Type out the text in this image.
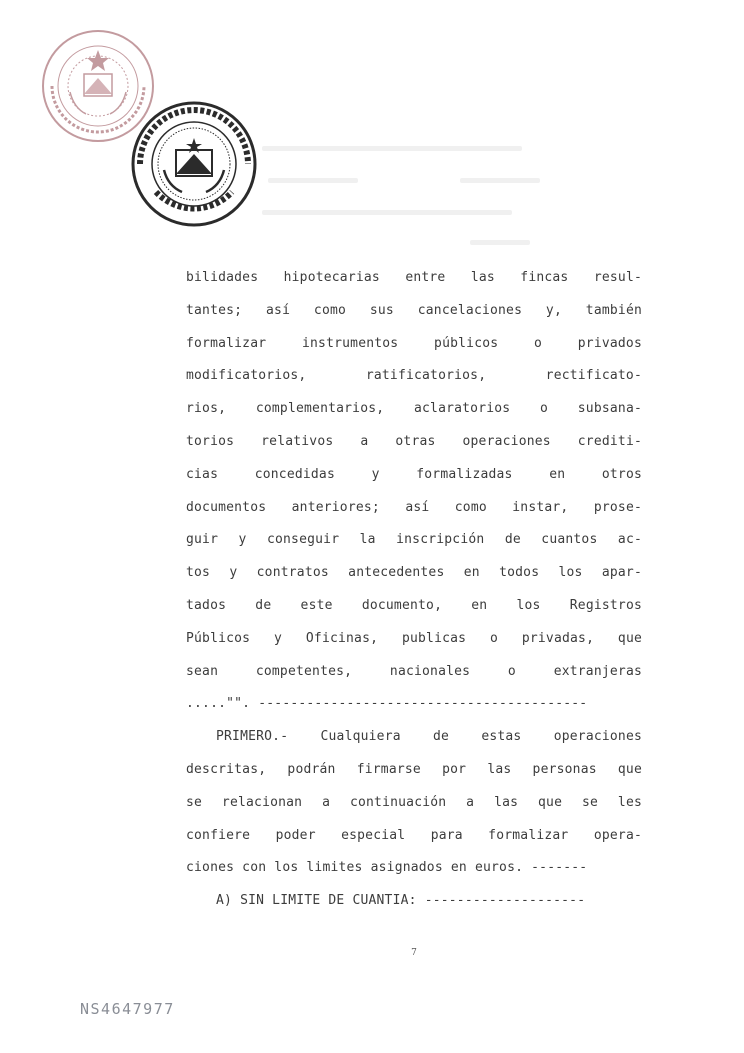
bilidades hipotecarias entre las fincas resul-
tantes; así como sus cancelaciones y, también
formalizar instrumentos públicos o privados
modificatorios, ratificatorios, rectificato-
rios, complementarios, aclaratorios o subsana-
torios relativos a otras operaciones crediti-
cias concedidas y formalizadas en otros
documentos anteriores; así como instar, prose-
guir y conseguir la inscripción de cuantos ac-
tos y contratos antecedentes en todos los apar-
tados de este documento, en los Registros
Públicos y Oficinas, publicas o privadas, que
sean competentes, nacionales o extranjeras
....."". -----------------------------------------
PRIMERO.- Cualquiera de estas operaciones
descritas, podrán firmarse por las personas que
se relacionan a continuación a las que se les
confiere poder especial para formalizar opera-
ciones con los limites asignados en euros. -------
A) SIN LIMITE DE CUANTIA: --------------------
7
NS4647977
